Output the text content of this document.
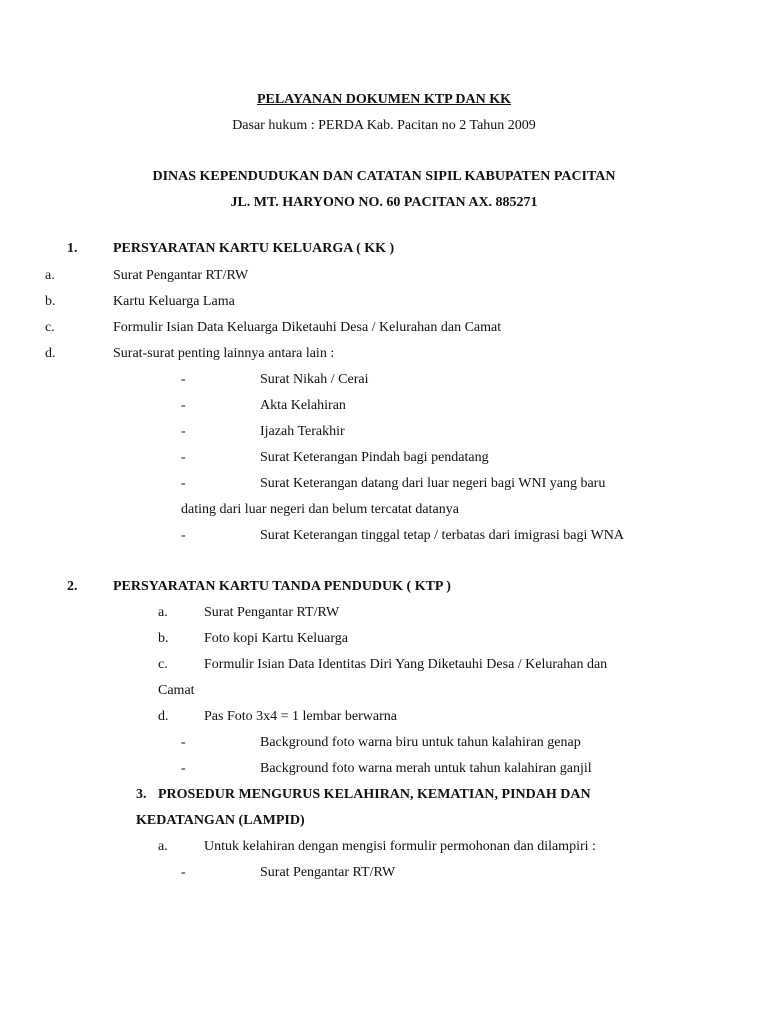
PELAYANAN DOKUMEN KTP DAN KK
Dasar hukum : PERDA Kab. Pacitan no 2 Tahun 2009
DINAS KEPENDUDUKAN DAN CATATAN SIPIL KABUPATEN PACITAN
JL. MT. HARYONO NO. 60 PACITAN AX. 885271
1.	PERSYARATAN KARTU KELUARGA ( KK )
a.	Surat Pengantar RT/RW
b.	Kartu Keluarga Lama
c.	Formulir Isian Data Keluarga Diketauhi Desa / Kelurahan dan Camat
d.	Surat-surat penting lainnya antara lain :
-	Surat Nikah / Cerai
-	Akta Kelahiran
-	Ijazah Terakhir
-	Surat Keterangan Pindah bagi pendatang
-	Surat Keterangan datang dari luar negeri bagi WNI yang baru
dating dari luar negeri dan belum tercatat datanya
-	Surat Keterangan tinggal tetap / terbatas dari imigrasi bagi WNA
2.	PERSYARATAN KARTU TANDA PENDUDUK ( KTP )
a.	Surat Pengantar RT/RW
b.	Foto kopi Kartu Keluarga
c.	Formulir Isian Data Identitas Diri Yang Diketauhi Desa / Kelurahan dan
Camat
d.	Pas Foto 3x4 = 1 lembar berwarna
-	Background foto warna biru untuk tahun kalahiran genap
-	Background foto warna merah untuk tahun kalahiran ganjil
3. PROSEDUR MENGURUS KELAHIRAN, KEMATIAN, PINDAH DAN
KEDATANGAN (LAMPID)
a.	Untuk kelahiran dengan mengisi formulir permohonan dan dilampiri :
-	Surat Pengantar RT/RW
